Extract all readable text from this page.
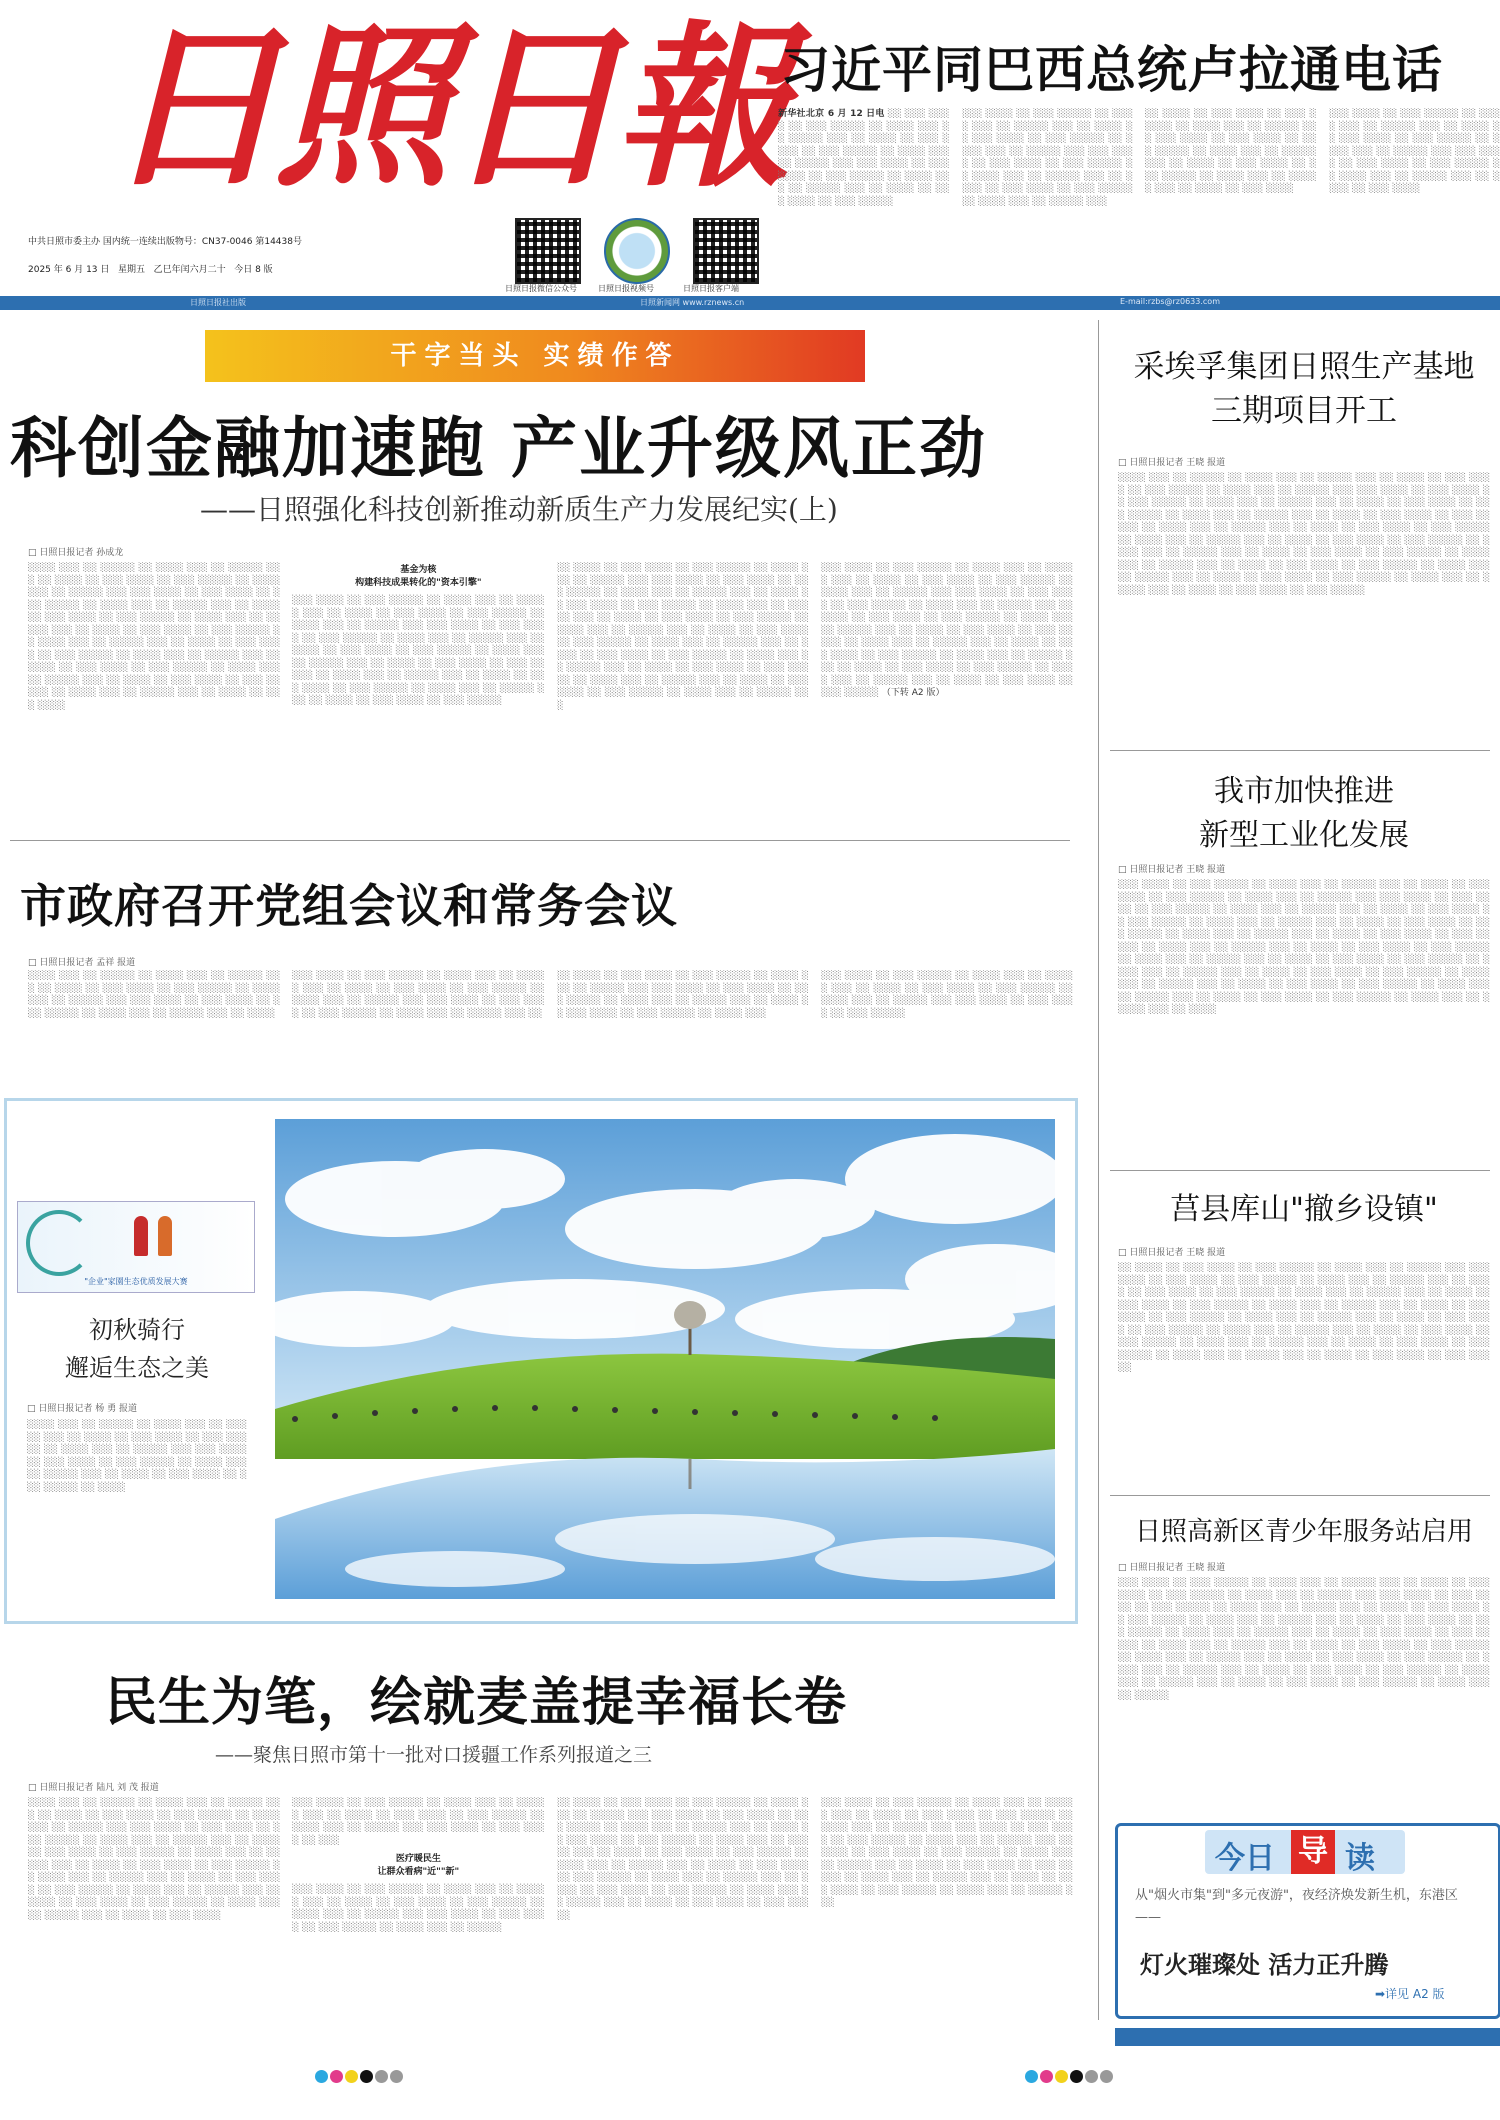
日照日報
中共日照市委主办 国内统一连续出版物号：CN37-0046 第14438号
2025 年 6 月 13 日 星期五 乙巳年闰六月二十 今日 8 版
日照日报微信公众号	日照日报视频号	日照日报客户端
习近平同巴西总统卢拉通电话
新华社北京 6 月 12 日电 ░░ ░░░ ░░░░ ░░ ░░░ ░░░░░ ░░ ░░░░ ░░░ ░░ ░░░░░ ░░░ ░░ ░░░░ ░░ ░░░ ░░░░ ░░ ░░░ ░░░░░ ░░ ░░░░ ░░░ ░░ ░░░░░ ░░░ ░░░ ░░░░ ░░ ░░░ ░░░░ ░░ ░░░ ░░░░░ ░░ ░░░░ ░░░ ░░ ░░░░░ ░░░ ░░ ░░░░ ░░ ░░░ ░░░░ ░░ ░░░ ░░░░░
░░░ ░░░░ ░░ ░░░ ░░░░░ ░░ ░░░░ ░░░ ░░ ░░░░░ ░░░ ░░ ░░░░ ░░ ░░░ ░░░░ ░░ ░░░ ░░░░░ ░░ ░░░░ ░░░ ░░ ░░░░░ ░░░ ░░░ ░░░░ ░░ ░░░ ░░░░ ░░ ░░░ ░░░░░ ░░ ░░░░ ░░░ ░░ ░░░░░ ░░░ ░░ ░░░░ ░░ ░░░ ░░░░ ░░ ░░░ ░░░░░ ░░ ░░░░ ░░░ ░░ ░░░░░ ░░░
░░ ░░░░ ░░ ░░░ ░░░░ ░░ ░░░ ░░░░░ ░░ ░░░░ ░░░ ░░ ░░░░░ ░░░ ░░░ ░░░░ ░░ ░░░ ░░░░ ░░ ░░░ ░░░░░ ░░ ░░░░ ░░░ ░░ ░░░░░ ░░░ ░░ ░░░░ ░░ ░░░ ░░░░ ░░ ░░░ ░░░░░ ░░ ░░░░ ░░░ ░░ ░░░░░ ░░░ ░░ ░░░░ ░░ ░░░ ░░░░
░░░ ░░░░ ░░ ░░░ ░░░░░ ░░ ░░░░ ░░░ ░░ ░░░░░ ░░░ ░░ ░░░░ ░░ ░░░ ░░░░ ░░ ░░░ ░░░░░ ░░ ░░░░ ░░░ ░░ ░░░░░ ░░░ ░░░ ░░░░ ░░ ░░░ ░░░░ ░░ ░░░ ░░░░░ ░░ ░░░░ ░░░ ░░ ░░░░░ ░░░ ░░ ░░░░ ░░ ░░░ ░░░░
日照日报社出版	日照新闻网 www.rznews.cn	E-mail:rzbs@rz0633.com
干字当头 实绩作答
科创金融加速跑 产业升级风正劲
——日照强化科技创新推动新质生产力发展纪实(上)
□ 日照日报记者 孙成龙
░░░░ ░░░ ░░ ░░░░░ ░░ ░░░░ ░░░ ░░ ░░░░░ ░░░ ░░ ░░░░ ░░ ░░░ ░░░░ ░░ ░░░ ░░░░░ ░░ ░░░░ ░░░ ░░ ░░░░░ ░░░ ░░░ ░░░░ ░░ ░░░ ░░░░ ░░ ░░░ ░░░░░ ░░ ░░░░ ░░░ ░░ ░░░░░ ░░░ ░░ ░░░░ ░░ ░░░ ░░░░ ░░ ░░░ ░░░░░ ░░ ░░░░ ░░░ ░░ ░░░░░ ░░░ ░░ ░░░░ ░░ ░░░ ░░░░ ░░ ░░░ ░░░░░ ░░ ░░░░ ░░░ ░░ ░░░░░ ░░░ ░░ ░░░░ ░░ ░░░ ░░░░ ░░ ░░░ ░░░░░ ░░ ░░░░ ░░░ ░░ ░░░░░ ░░░ ░░ ░░░░ ░░ ░░░ ░░░░ ░░ ░░░ ░░░░░ ░░ ░░░░ ░░░ ░░ ░░░░░ ░░░ ░░ ░░░░ ░░ ░░░ ░░░░ ░░ ░░░ ░░░░░ ░░ ░░░░ ░░░ ░░ ░░░░░ ░░░ ░░ ░░░░ ░░ ░░░ ░░░░
基金为核
构建科技成果转化的"资本引擎"
░░░ ░░░░ ░░ ░░░ ░░░░░ ░░ ░░░░ ░░░ ░░ ░░░░░ ░░░ ░░ ░░░░ ░░ ░░░ ░░░░ ░░ ░░░ ░░░░░ ░░ ░░░░ ░░░ ░░ ░░░░░ ░░░ ░░░ ░░░░ ░░ ░░░ ░░░░ ░░ ░░░ ░░░░░ ░░ ░░░░ ░░░ ░░ ░░░░░ ░░░ ░░ ░░░░ ░░ ░░░ ░░░░ ░░ ░░░ ░░░░░ ░░ ░░░░ ░░░ ░░ ░░░░░ ░░░ ░░ ░░░░ ░░ ░░░ ░░░░ ░░ ░░░ ░░░░░ ░░ ░░░░ ░░░ ░░ ░░░░░ ░░░ ░░ ░░░░ ░░ ░░░ ░░░░ ░░ ░░░ ░░░░░ ░░ ░░░░ ░░░ ░░ ░░░░░ ░░░ ░░ ░░░░ ░░ ░░░ ░░░░ ░░ ░░░ ░░░░░
░░ ░░░░ ░░ ░░░ ░░░░ ░░ ░░░ ░░░░░ ░░ ░░░░ ░░░ ░░ ░░░░░ ░░░ ░░░ ░░░░ ░░ ░░░ ░░░░ ░░ ░░░ ░░░░░ ░░ ░░░░ ░░░ ░░ ░░░░░ ░░░ ░░ ░░░░ ░░ ░░░ ░░░░ ░░ ░░░ ░░░░░ ░░ ░░░░ ░░░ ░░ ░░░░░ ░░░ ░░ ░░░░ ░░ ░░░ ░░░░ ░░ ░░░ ░░░░░ ░░ ░░░░ ░░░ ░░ ░░░░░ ░░░ ░░ ░░░░ ░░ ░░░ ░░░░ ░░ ░░░ ░░░░░ ░░ ░░░░ ░░░ ░░ ░░░░░ ░░░ ░░ ░░░░ ░░ ░░░ ░░░░ ░░ ░░░ ░░░░░ ░░ ░░░░ ░░░ ░░ ░░░░░ ░░░ ░░ ░░░░ ░░ ░░░ ░░░░ ░░ ░░░ ░░░░░ ░░ ░░░░ ░░░ ░░ ░░░░░ ░░░ ░░ ░░░░ ░░ ░░░ ░░░░ ░░ ░░░ ░░░░░ ░░ ░░░░ ░░░ ░░ ░░░░░ ░░░
░░░ ░░░░ ░░ ░░░ ░░░░░ ░░ ░░░░ ░░░ ░░ ░░░░░ ░░░ ░░ ░░░░ ░░ ░░░ ░░░░ ░░ ░░░ ░░░░░ ░░ ░░░░ ░░░ ░░ ░░░░░ ░░░ ░░░ ░░░░ ░░ ░░░ ░░░░ ░░ ░░░ ░░░░░ ░░ ░░░░ ░░░ ░░ ░░░░░ ░░░ ░░ ░░░░ ░░ ░░░ ░░░░ ░░ ░░░ ░░░░░ ░░ ░░░░ ░░░ ░░ ░░░░░ ░░░ ░░ ░░░░ ░░ ░░░ ░░░░ ░░ ░░░ ░░░░░ ░░ ░░░░ ░░░ ░░ ░░░░░ ░░░ ░░ ░░░░ ░░ ░░░ ░░░░ ░░ ░░░ ░░░░░ ░░ ░░░░ ░░░ ░░ ░░░░░ ░░░ ░░ ░░░░ ░░ ░░░ ░░░░ ░░ ░░░ ░░░░░ ░░ ░░░░ ░░░ ░░ ░░░░░ ░░░ ░░ ░░░░ ░░ ░░░ ░░░░ ░░ ░░░ ░░░░░ （下转 A2 版）
市政府召开党组会议和常务会议
□ 日照日报记者 孟祥 报道
░░░░ ░░░ ░░ ░░░░░ ░░ ░░░░ ░░░ ░░ ░░░░░ ░░░ ░░ ░░░░ ░░ ░░░ ░░░░ ░░ ░░░ ░░░░░ ░░ ░░░░ ░░░ ░░ ░░░░░ ░░░ ░░░ ░░░░ ░░ ░░░ ░░░░ ░░ ░░░ ░░░░░ ░░ ░░░░ ░░░ ░░ ░░░░░ ░░░ ░░ ░░░░
░░░ ░░░░ ░░ ░░░ ░░░░░ ░░ ░░░░ ░░░ ░░ ░░░░░ ░░░ ░░ ░░░░ ░░ ░░░ ░░░░ ░░ ░░░ ░░░░░ ░░ ░░░░ ░░░ ░░ ░░░░░ ░░░ ░░░ ░░░░ ░░ ░░░ ░░░░ ░░ ░░░ ░░░░░ ░░ ░░░░ ░░░ ░░ ░░░░░ ░░░ ░░
░░ ░░░░ ░░ ░░░ ░░░░ ░░ ░░░ ░░░░░ ░░ ░░░░ ░░░ ░░ ░░░░░ ░░░ ░░░ ░░░░ ░░ ░░░ ░░░░ ░░ ░░░ ░░░░░ ░░ ░░░░ ░░░ ░░ ░░░░░ ░░░ ░░ ░░░░ ░░ ░░░ ░░░░ ░░ ░░░ ░░░░░ ░░ ░░░░ ░░░
░░░ ░░░░ ░░ ░░░ ░░░░░ ░░ ░░░░ ░░░ ░░ ░░░░░ ░░░ ░░ ░░░░ ░░ ░░░ ░░░░ ░░ ░░░ ░░░░░ ░░ ░░░░ ░░░ ░░ ░░░░░ ░░░ ░░░ ░░░░ ░░ ░░░ ░░░░ ░░ ░░░ ░░░░░
"企业"家園生态优质发展大赛
初秋骑行
邂逅生态之美
□ 日照日报记者 杨 勇 报道
░░░░ ░░░ ░░ ░░░░░ ░░ ░░░░ ░░░ ░░ ░░░░░ ░░░ ░░ ░░░░ ░░ ░░░ ░░░░ ░░ ░░░ ░░░░░ ░░ ░░░░ ░░░ ░░ ░░░░░ ░░░ ░░░ ░░░░ ░░ ░░░ ░░░░ ░░ ░░░ ░░░░░ ░░ ░░░░ ░░░ ░░ ░░░░░ ░░░ ░░ ░░░░ ░░ ░░░ ░░░░ ░░ ░░░ ░░░░░ ░░ ░░░░
民生为笔，绘就麦盖提幸福长卷
——聚焦日照市第十一批对口援疆工作系列报道之三
□ 日照日报记者 陆凡 刘 茂 报道
░░░░ ░░░ ░░ ░░░░░ ░░ ░░░░ ░░░ ░░ ░░░░░ ░░░ ░░ ░░░░ ░░ ░░░ ░░░░ ░░ ░░░ ░░░░░ ░░ ░░░░ ░░░ ░░ ░░░░░ ░░░ ░░░ ░░░░ ░░ ░░░ ░░░░ ░░ ░░░ ░░░░░ ░░ ░░░░ ░░░ ░░ ░░░░░ ░░░ ░░ ░░░░ ░░ ░░░ ░░░░ ░░ ░░░ ░░░░░ ░░ ░░░░ ░░░ ░░ ░░░░░ ░░░ ░░ ░░░░ ░░ ░░░ ░░░░ ░░ ░░░ ░░░░░ ░░ ░░░░ ░░░ ░░ ░░░░░ ░░░ ░░ ░░░░ ░░ ░░░ ░░░░ ░░ ░░░ ░░░░░ ░░ ░░░░ ░░░ ░░ ░░░░░ ░░░ ░░ ░░░░ ░░ ░░░ ░░░░ ░░ ░░░ ░░░░░ ░░ ░░░░ ░░░ ░░ ░░░░░ ░░░ ░░ ░░░░ ░░ ░░░ ░░░░
░░░ ░░░░ ░░ ░░░ ░░░░░ ░░ ░░░░ ░░░ ░░ ░░░░░ ░░░ ░░ ░░░░ ░░ ░░░ ░░░░ ░░ ░░░ ░░░░░ ░░ ░░░░ ░░░ ░░ ░░░░░ ░░░ ░░░ ░░░░ ░░ ░░░ ░░░░ ░░ ░░░
医疗暖民生
让群众看病"近""新"
░░░ ░░░░ ░░ ░░░ ░░░░░ ░░ ░░░░ ░░░ ░░ ░░░░░ ░░░ ░░ ░░░░ ░░ ░░░ ░░░░ ░░ ░░░ ░░░░░ ░░ ░░░░ ░░░ ░░ ░░░░░ ░░░ ░░░ ░░░░ ░░ ░░░ ░░░░ ░░ ░░░ ░░░░░ ░░ ░░░░ ░░░ ░░ ░░░░░
░░ ░░░░ ░░ ░░░ ░░░░ ░░ ░░░ ░░░░░ ░░ ░░░░ ░░░ ░░ ░░░░░ ░░░ ░░░ ░░░░ ░░ ░░░ ░░░░ ░░ ░░░ ░░░░░ ░░ ░░░░ ░░░ ░░ ░░░░░ ░░░ ░░ ░░░░ ░░ ░░░ ░░░░ ░░ ░░░ ░░░░░ ░░ ░░░░ ░░░ ░░ ░░░░░ ░░░ ░░ ░░░░ ░░ ░░░ ░░░░ ░░ ░░░ ░░░░░ ░░ ░░░░ ░░░ ░░ ░░░░░ ░░░ ░░ ░░░░ ░░ ░░░ ░░░░ ░░ ░░░ ░░░░░ ░░ ░░░░ ░░░ ░░ ░░░░░ ░░░ ░░ ░░░░ ░░ ░░░ ░░░░ ░░ ░░░ ░░░░░ ░░ ░░░░ ░░░ ░░ ░░░░░ ░░░ ░░ ░░░░ ░░ ░░░ ░░░░ ░░ ░░░ ░░░░░
░░░ ░░░░ ░░ ░░░ ░░░░░ ░░ ░░░░ ░░░ ░░ ░░░░░ ░░░ ░░ ░░░░ ░░ ░░░ ░░░░ ░░ ░░░ ░░░░░ ░░ ░░░░ ░░░ ░░ ░░░░░ ░░░ ░░░ ░░░░ ░░ ░░░ ░░░░ ░░ ░░░ ░░░░░ ░░ ░░░░ ░░░ ░░ ░░░░░ ░░░ ░░ ░░░░ ░░ ░░░ ░░░░ ░░ ░░░ ░░░░░ ░░ ░░░░ ░░░ ░░ ░░░░░ ░░░ ░░ ░░░░ ░░ ░░░ ░░░░ ░░ ░░░ ░░░░░ ░░ ░░░░ ░░░ ░░ ░░░░░ ░░░ ░░ ░░░░ ░░ ░░░ ░░░░ ░░ ░░░ ░░░░░ ░░ ░░░░ ░░░ ░░ ░░░░░ ░░░
采埃孚集团日照生产基地
三期项目开工
□ 日照日报记者 王晓 报道
░░░░ ░░░ ░░ ░░░░░ ░░ ░░░░ ░░░ ░░ ░░░░░ ░░░ ░░ ░░░░ ░░ ░░░ ░░░░ ░░ ░░░ ░░░░░ ░░ ░░░░ ░░░ ░░ ░░░░░ ░░░ ░░░ ░░░░ ░░ ░░░ ░░░░ ░░ ░░░ ░░░░░ ░░ ░░░░ ░░░ ░░ ░░░░░ ░░░ ░░ ░░░░ ░░ ░░░ ░░░░ ░░ ░░░ ░░░░░ ░░ ░░░░ ░░░ ░░ ░░░░░ ░░░ ░░ ░░░░ ░░ ░░░ ░░░░ ░░ ░░░ ░░░░░ ░░ ░░░░ ░░░ ░░ ░░░░░ ░░░ ░░ ░░░░ ░░ ░░░ ░░░░ ░░ ░░░ ░░░░░ ░░ ░░░░ ░░░ ░░ ░░░░░ ░░░ ░░ ░░░░ ░░ ░░░ ░░░░ ░░ ░░░ ░░░░░ ░░ ░░░░ ░░░ ░░ ░░░░░ ░░░ ░░ ░░░░ ░░ ░░░ ░░░░ ░░ ░░░ ░░░░░ ░░ ░░░░ ░░░ ░░ ░░░░░ ░░░ ░░ ░░░░ ░░ ░░░ ░░░░ ░░ ░░░ ░░░░░ ░░ ░░░░ ░░░ ░░ ░░░░░ ░░░ ░░ ░░░░ ░░ ░░░ ░░░░ ░░ ░░░ ░░░░░ ░░ ░░░░ ░░░ ░░ ░░░░░ ░░░ ░░ ░░░░ ░░ ░░░ ░░░░ ░░ ░░░ ░░░░░
我市加快推进
新型工业化发展
□ 日照日报记者 王晓 报道
░░░ ░░░░ ░░ ░░░ ░░░░░ ░░ ░░░░ ░░░ ░░ ░░░░░ ░░░ ░░ ░░░░ ░░ ░░░ ░░░░ ░░ ░░░ ░░░░░ ░░ ░░░░ ░░░ ░░ ░░░░░ ░░░ ░░░ ░░░░ ░░ ░░░ ░░░░ ░░ ░░░ ░░░░░ ░░ ░░░░ ░░░ ░░ ░░░░░ ░░░ ░░ ░░░░ ░░ ░░░ ░░░░ ░░ ░░░ ░░░░░ ░░ ░░░░ ░░░ ░░ ░░░░░ ░░░ ░░ ░░░░ ░░ ░░░ ░░░░ ░░ ░░░ ░░░░░ ░░ ░░░░ ░░░ ░░ ░░░░░ ░░░ ░░ ░░░░ ░░ ░░░ ░░░░ ░░ ░░░ ░░░░░ ░░ ░░░░ ░░░ ░░ ░░░░░ ░░░ ░░ ░░░░ ░░ ░░░ ░░░░ ░░ ░░░ ░░░░░ ░░ ░░░░ ░░░ ░░ ░░░░░ ░░░ ░░ ░░░░ ░░ ░░░ ░░░░ ░░ ░░░ ░░░░░ ░░ ░░░░ ░░░ ░░ ░░░░░ ░░░ ░░ ░░░░ ░░ ░░░ ░░░░ ░░ ░░░ ░░░░░ ░░ ░░░░ ░░░ ░░ ░░░░░ ░░░ ░░ ░░░░ ░░ ░░░ ░░░░ ░░ ░░░ ░░░░░ ░░ ░░░░ ░░░ ░░ ░░░░░ ░░░ ░░ ░░░░ ░░ ░░░ ░░░░ ░░ ░░░ ░░░░░ ░░ ░░░░ ░░░ ░░ ░░░░░ ░░░ ░░ ░░░░
莒县库山"撤乡设镇"
□ 日照日报记者 王晓 报道
░░ ░░░░ ░░ ░░░ ░░░░ ░░ ░░░ ░░░░░ ░░ ░░░░ ░░░ ░░ ░░░░░ ░░░ ░░░ ░░░░ ░░ ░░░ ░░░░ ░░ ░░░ ░░░░░ ░░ ░░░░ ░░░ ░░ ░░░░░ ░░░ ░░ ░░░░ ░░ ░░░ ░░░░ ░░ ░░░ ░░░░░ ░░ ░░░░ ░░░ ░░ ░░░░░ ░░░ ░░ ░░░░ ░░ ░░░ ░░░░ ░░ ░░░ ░░░░░ ░░ ░░░░ ░░░ ░░ ░░░░░ ░░░ ░░ ░░░░ ░░ ░░░ ░░░░ ░░ ░░░ ░░░░░ ░░ ░░░░ ░░░ ░░ ░░░░░ ░░░ ░░ ░░░░ ░░ ░░░ ░░░░ ░░ ░░░ ░░░░░ ░░ ░░░░ ░░░ ░░ ░░░░░ ░░░ ░░ ░░░░ ░░ ░░░ ░░░░ ░░ ░░░ ░░░░░ ░░ ░░░░ ░░░ ░░ ░░░░░ ░░░ ░░ ░░░░ ░░ ░░░ ░░░░ ░░ ░░░ ░░░░░ ░░ ░░░░ ░░░ ░░ ░░░░░ ░░░ ░░ ░░░░ ░░ ░░░ ░░░░ ░░ ░░░ ░░░░░
日照高新区青少年服务站启用
□ 日照日报记者 王晓 报道
░░░ ░░░░ ░░ ░░░ ░░░░░ ░░ ░░░░ ░░░ ░░ ░░░░░ ░░░ ░░ ░░░░ ░░ ░░░ ░░░░ ░░ ░░░ ░░░░░ ░░ ░░░░ ░░░ ░░ ░░░░░ ░░░ ░░░ ░░░░ ░░ ░░░ ░░░░ ░░ ░░░ ░░░░░ ░░ ░░░░ ░░░ ░░ ░░░░░ ░░░ ░░ ░░░░ ░░ ░░░ ░░░░ ░░ ░░░ ░░░░░ ░░ ░░░░ ░░░ ░░ ░░░░░ ░░░ ░░ ░░░░ ░░ ░░░ ░░░░ ░░ ░░░ ░░░░░ ░░ ░░░░ ░░░ ░░ ░░░░░ ░░░ ░░ ░░░░ ░░ ░░░ ░░░░ ░░ ░░░ ░░░░░ ░░ ░░░░ ░░░ ░░ ░░░░░ ░░░ ░░ ░░░░ ░░ ░░░ ░░░░ ░░ ░░░ ░░░░░ ░░ ░░░░ ░░░ ░░ ░░░░░ ░░░ ░░ ░░░░ ░░ ░░░ ░░░░ ░░ ░░░ ░░░░░ ░░ ░░░░ ░░░ ░░ ░░░░░ ░░░ ░░ ░░░░ ░░ ░░░ ░░░░ ░░ ░░░ ░░░░░ ░░ ░░░░ ░░░ ░░ ░░░░░ ░░░ ░░ ░░░░ ░░ ░░░ ░░░░ ░░ ░░░ ░░░░░ ░░ ░░░░ ░░░ ░░ ░░░░░
今日 导 读
从"烟火市集"到"多元夜游"，夜经济焕发新生机，东港区——
灯火璀璨处 活力正升腾
➡详见 A2 版
